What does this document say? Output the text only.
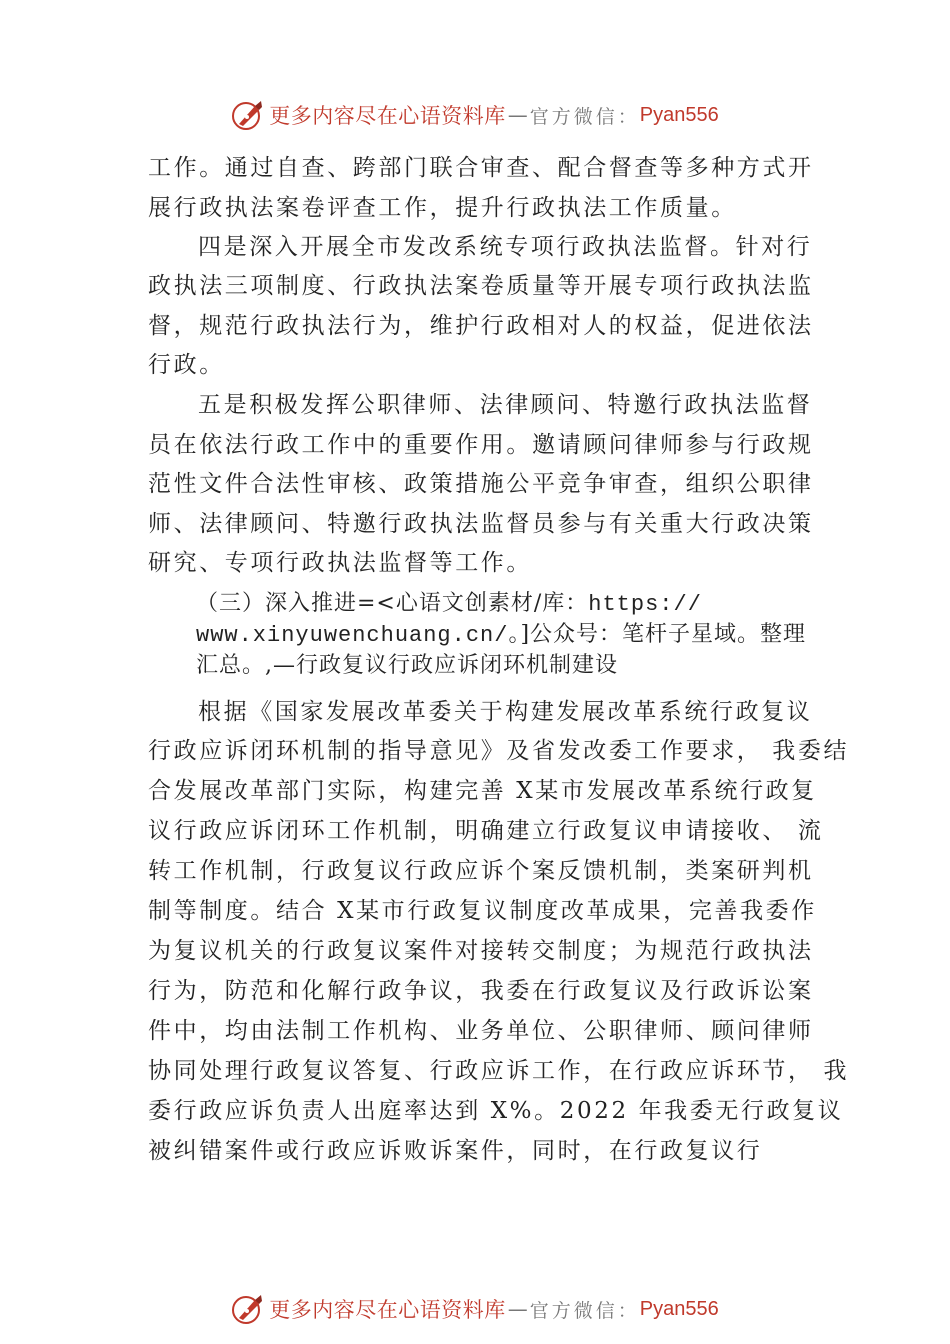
更多内容尽在心语资料库 — 官方微信： Pyan556
工作。通过自查、跨部门联合审查、配合督查等多种方式开
展行政执法案卷评查工作，提升行政执法工作质量。
四是深入开展全市发改系统专项行政执法监督。针对行
政执法三项制度、行政执法案卷质量等开展专项行政执法监
督，规范行政执法行为，维护行政相对人的权益，促进依法
行政。
五是积极发挥公职律师、法律顾问、特邀行政执法监督
员在依法行政工作中的重要作用。邀请顾问律师参与行政规
范性文件合法性审核、政策措施公平竞争审查，组织公职律
师、法律顾问、特邀行政执法监督员参与有关重大行政决策
研究、专项行政执法监督等工作。
（三）深入推进=<心语文创素材/库：https://
www.xinyuwenchuang.cn/。]公众号：笔杆子星域。整理
汇总。,—行政复议行政应诉闭环机制建设
根据《国家发展改革委关于构建发展改革系统行政复议
行政应诉闭环机制的指导意见》及省发改委工作要求， 我委结
合发展改革部门实际，构建完善 X某市发展改革系统行政复
议行政应诉闭环工作机制，明确建立行政复议申请接收、 流
转工作机制，行政复议行政应诉个案反馈机制，类案研判机
制等制度。结合 X某市行政复议制度改革成果，完善我委作
为复议机关的行政复议案件对接转交制度；为规范行政执法
行为，防范和化解行政争议，我委在行政复议及行政诉讼案
件中，均由法制工作机构、业务单位、公职律师、顾问律师
协同处理行政复议答复、行政应诉工作，在行政应诉环节， 我
委行政应诉负责人出庭率达到 X%。2022 年我委无行政复议
被纠错案件或行政应诉败诉案件，同时，在行政复议行
更多内容尽在心语资料库 — 官方微信： Pyan556
